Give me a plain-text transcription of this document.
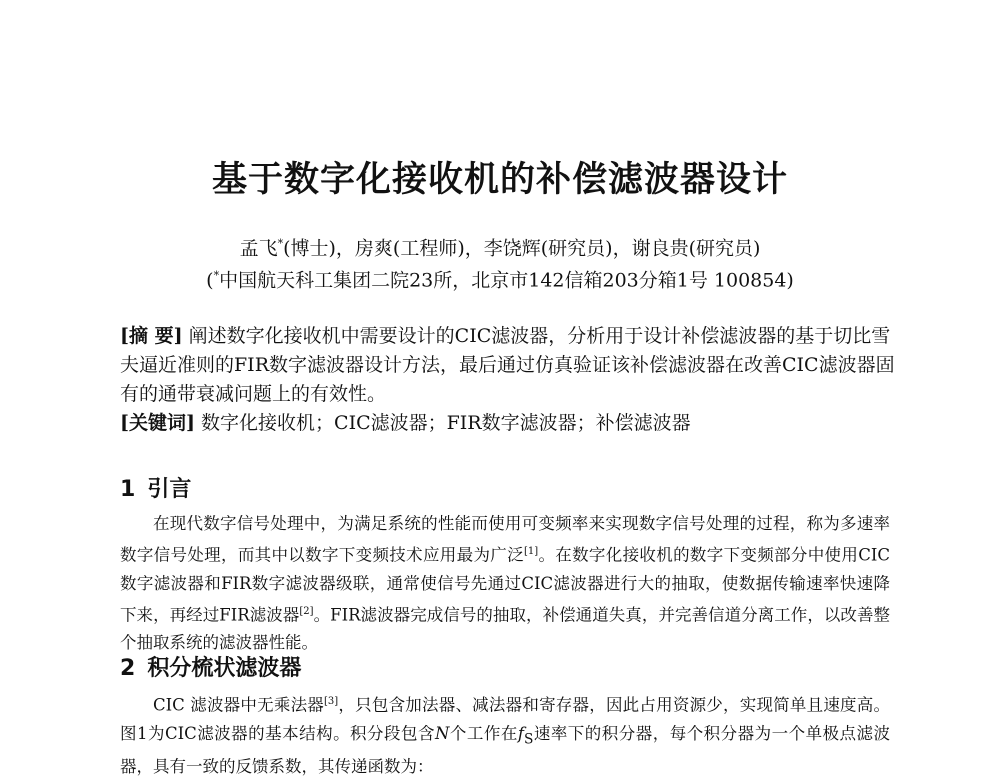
基于数字化接收机的补偿滤波器设计
孟飞*(博士)，房爽(工程师)，李饶辉(研究员)，谢良贵(研究员)
(*中国航天科工集团二院23所，北京市142信箱203分箱1号 100854)

[摘 要] 阐述数字化接收机中需要设计的CIC滤波器，分析用于设计补偿滤波器的基于切比雪夫逼近准则的FIR数字滤波器设计方法，最后通过仿真验证该补偿滤波器在改善CIC滤波器固有的通带衰减问题上的有效性。

[关键词] 数字化接收机；CIC滤波器；FIR数字滤波器；补偿滤波器

1 引言

在现代数字信号处理中，为满足系统的性能而使用可变频率来实现数字信号处理的过程，称为多速率数字信号处理，而其中以数字下变频技术应用最为广泛[1]。在数字化接收机的数字下变频部分中使用CIC数字滤波器和FIR数字滤波器级联，通常使信号先通过CIC滤波器进行大的抽取，使数据传输速率快速降下来，再经过FIR滤波器[2]。FIR滤波器完成信号的抽取，补偿通道失真，并完善信道分离工作，以改善整个抽取系统的滤波器性能。

2 积分梳状滤波器

CIC 滤波器中无乘法器[3]，只包含加法器、减法器和寄存器，因此占用资源少，实现简单且速度高。图1为CIC滤波器的基本结构。积分段包含N个工作在$f_S$速率下的积分器，每个积分器为一个单极点滤波器，具有一致的反馈系数，其传递函数为：
